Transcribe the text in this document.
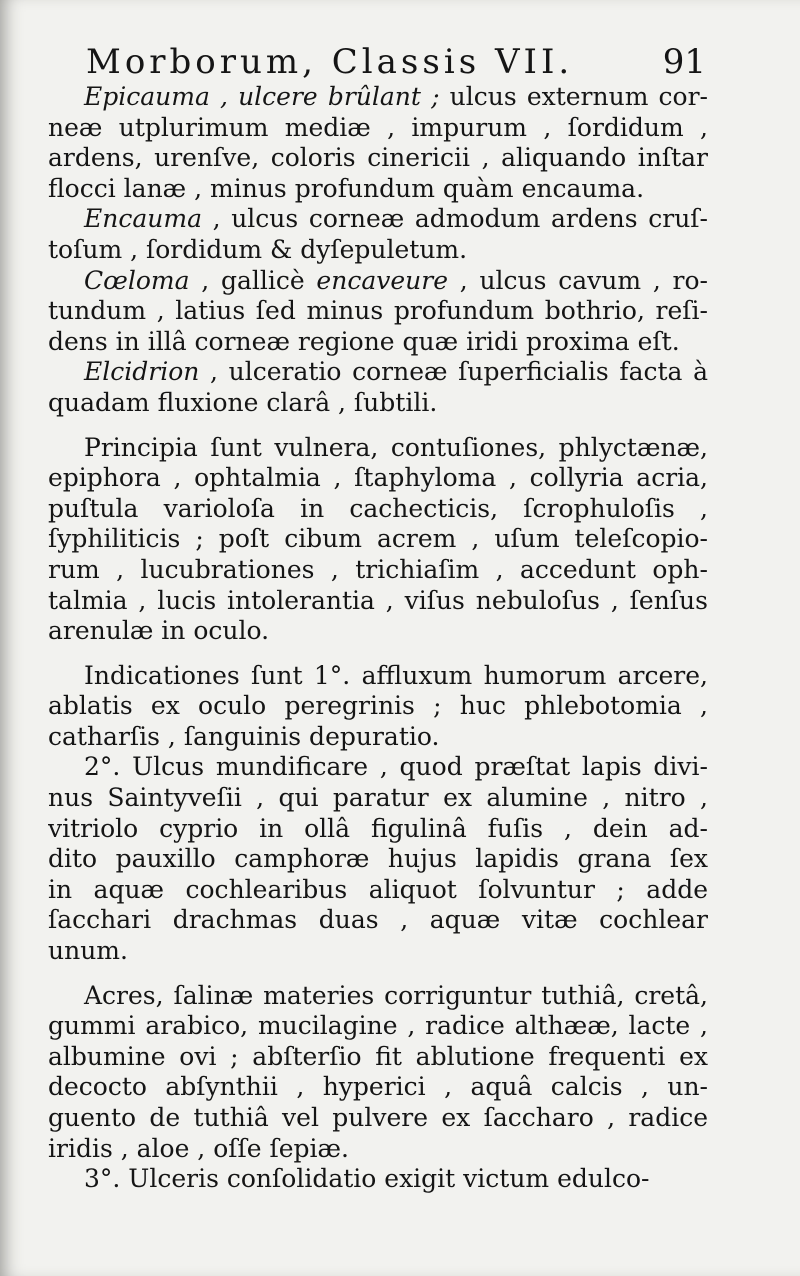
Morborum, Classis VII.	91
Epicauma , ulcere brûlant ; ulcus externum cor-
neæ utplurimum mediæ , impurum , ſordidum ,
ardens, urenſve, coloris cinericii , aliquando inſtar
flocci lanæ , minus profundum quàm encauma.
Encauma , ulcus corneæ admodum ardens cruſ-
toſum , ſordidum & dyſepuletum.
Cœloma , gallicè encaveure , ulcus cavum , ro-
tundum , latius ſed minus profundum bothrio, reſi-
dens in illâ corneæ regione quæ iridi proxima eſt.
Elcidrion , ulceratio corneæ ſuperficialis facta à
quadam fluxione clarâ , ſubtili.
Principia ſunt vulnera, contuſiones, phlyctænæ,
epiphora , ophtalmia , ſtaphyloma , collyria acria,
puſtula variolоſa in cachecticis, ſcrophuloſis ,
ſyphiliticis ; poſt cibum acrem , uſum teleſcopio-
rum , lucubrationes , trichiaſim , accedunt oph-
talmia , lucis intolerantia , viſus nebuloſus , ſenſus
arenulæ in oculo.
Indicationes ſunt 1°. affluxum humorum arcere,
ablatis ex oculo peregrinis ; huc phlebotomia ,
catharſis , ſanguinis depuratio.
2°. Ulcus mundificare , quod præſtat lapis divi-
nus Saintyveſii , qui paratur ex alumine , nitro ,
vitriolo cyprio in ollâ figulinâ fuſis , dein ad-
dito pauxillo camphoræ hujus lapidis grana ſex
in aquæ cochlearibus aliquot ſolvuntur ; adde
ſacchari drachmas duas , aquæ vitæ cochlear
unum.
Acres, ſalinæ materies corriguntur tuthiâ, cretâ,
gummi arabico, mucilagine , radice althææ, lacte ,
albumine ovi ; abſterſio fit ablutione frequenti ex
decocto abſynthii , hyperici , aquâ calcis , un-
guento de tuthiâ vel pulvere ex ſaccharo , radice
iridis , aloe , oſſe ſepiæ.
3°. Ulceris conſolidatio exigit victum edulco-
